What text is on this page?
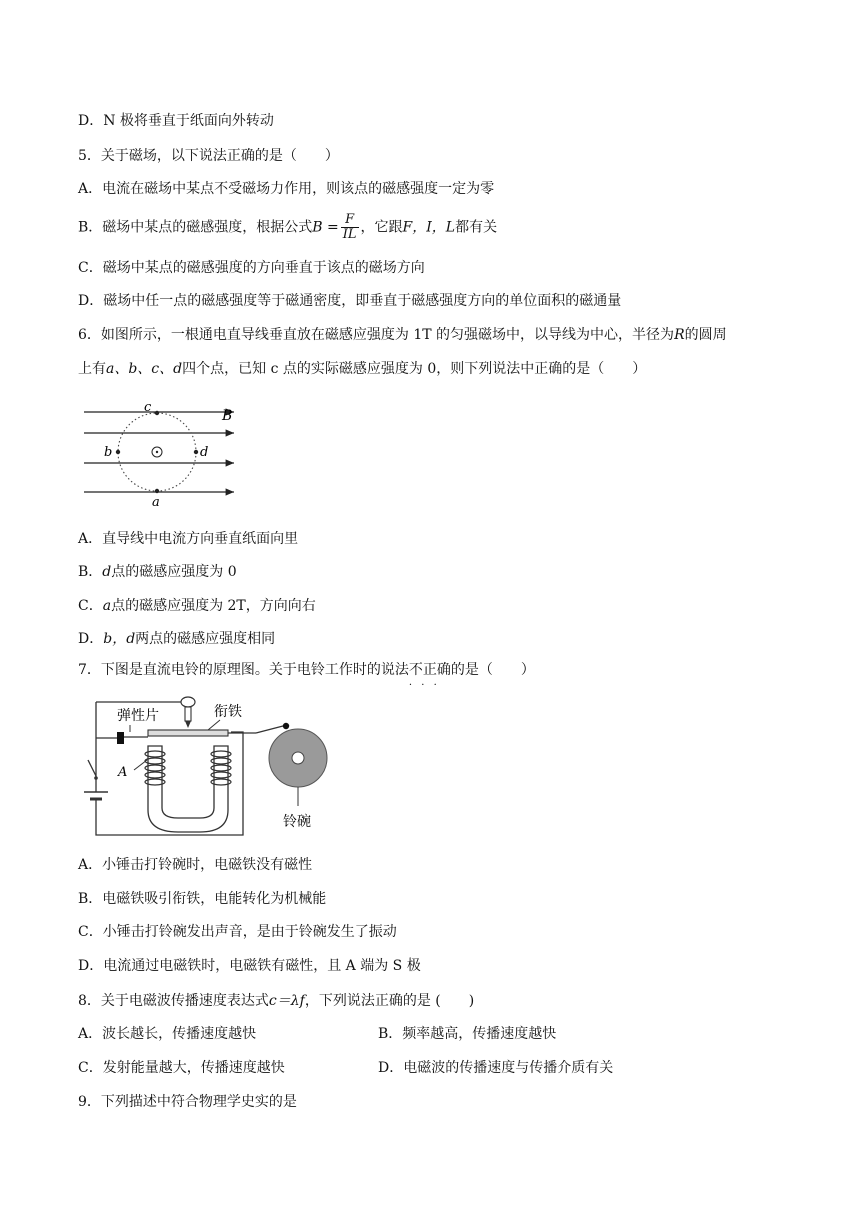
D．N 极将垂直于纸面向外转动
5．关于磁场，以下说法正确的是（　　）
A．电流在磁场中某点不受磁场力作用，则该点的磁感强度一定为零
B．磁场中某点的磁感强度，根据公式$B = \frac{F}{IL}$ ，它跟F，I，L都有关
C．磁场中某点的磁感强度的方向垂直于该点的磁场方向
D．磁场中任一点的磁感强度等于磁通密度，即垂直于磁感强度方向的单位面积的磁通量
6．如图所示，一根通电直导线垂直放在磁感应强度为 1T 的匀强磁场中，以导线为中心，半径为R的圆周
上有a、b、c、d四个点，已知 c 点的实际磁感应强度为 0，则下列说法中正确的是（　　）
c
B
b	d
a
A．直导线中电流方向垂直纸面向里
B．d点的磁感应强度为 0
C．a点的磁感应强度为 2T，方向向右
D．b，d两点的磁感应强度相同
7．下图是直流电铃的原理图。关于电铃工作时的说法不正确 · · ·的是（　　）
弹性片	衔铁
A
铃碗
A．小锤击打铃碗时，电磁铁没有磁性
B．电磁铁吸引衔铁，电能转化为机械能
C．小锤击打铃碗发出声音，是由于铃碗发生了振动
D．电流通过电磁铁时，电磁铁有磁性，且 A 端为 S 极
8．关于电磁波传播速度表达式c＝λf，下列说法正确的是 (　　)
A．波长越长，传播速度越快	B．频率越高，传播速度越快
C．发射能量越大，传播速度越快	D．电磁波的传播速度与传播介质有关
9．下列描述中符合物理学史实的是
